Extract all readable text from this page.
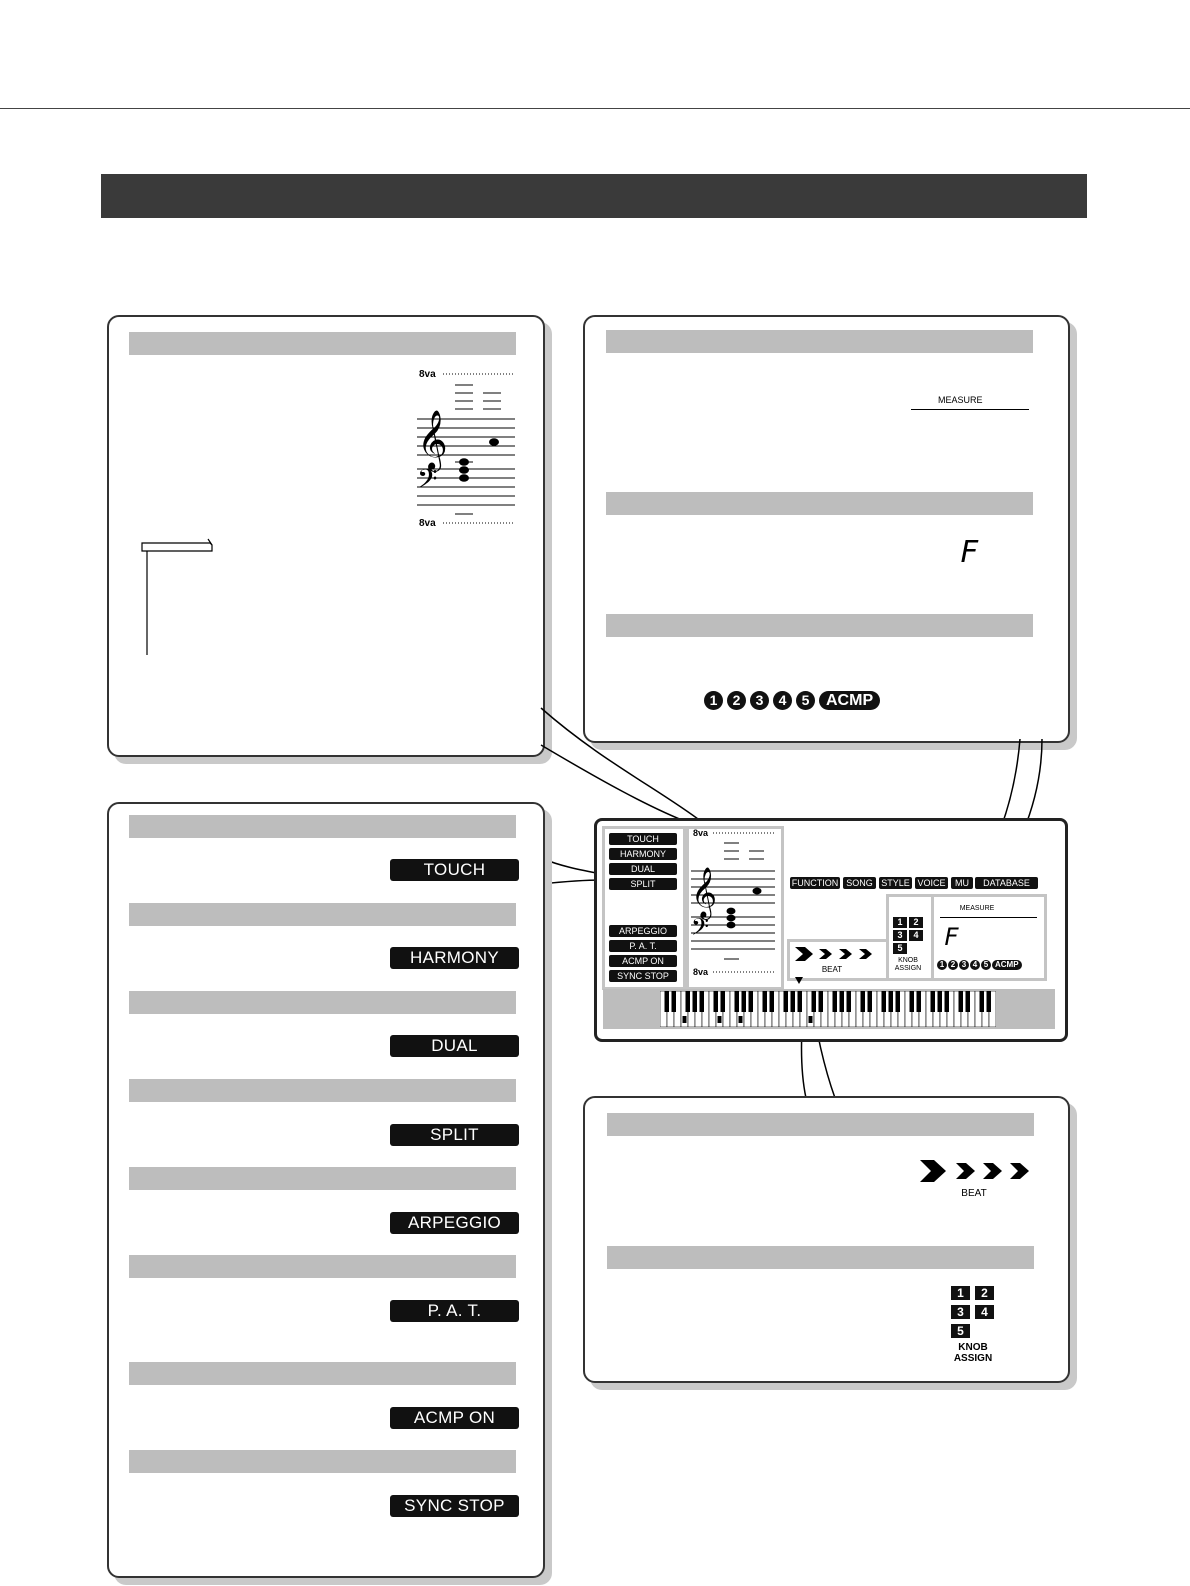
8va
𝄞
𝄢
8va
MEASURE
F
1 2 3 4 5 ACMP
TOUCH
HARMONY
DUAL
SPLIT
ARPEGGIO
P. A. T.
ACMP ON
SYNC STOP
TOUCH
HARMONY
DUAL
SPLIT
ARPEGGIO
P. A. T.
ACMP ON
SYNC STOP
8va
𝄞
𝄢
8va
FUNCTION SONG STYLE VOICE	MU	DATABASE
BEAT
1	2
3	4
5
KNOB
ASSIGN
MEASURE
F
1 2 3 4 5 ACMP
BEAT
1	2
3	4
5
KNOB
ASSIGN
